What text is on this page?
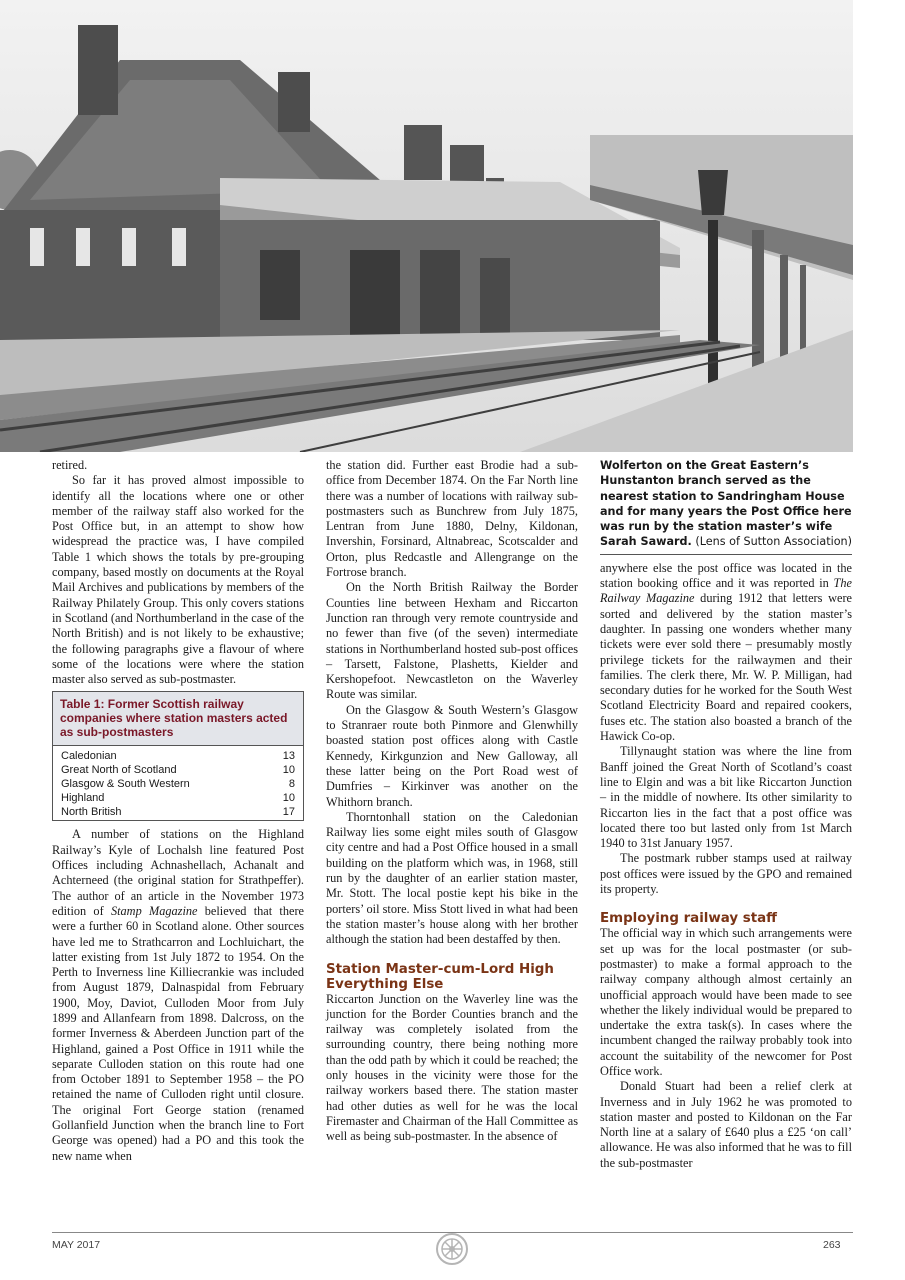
retired.

So far it has proved almost impossible to identify all the locations where one or other member of the railway staff also worked for the Post Office but, in an attempt to show how widespread the practice was, I have compiled Table 1 which shows the totals by pre-grouping company, based mostly on documents at the Royal Mail Archives and publications by members of the Railway Philately Group. This only covers stations in Scotland (and Northumberland in the case of the North British) and is not likely to be exhaustive; the following paragraphs give a flavour of where some of the locations were where the station master also served as sub-postmaster.

Table 1: Former Scottish railway companies where station masters acted as sub-postmasters
Caledonian	13
Great North of Scotland	10
Glasgow & South Western	8
Highland	10
North British	17

A number of stations on the Highland Railway’s Kyle of Lochalsh line featured Post Offices including Achnashellach, Achanalt and Achterneed (the original station for Strathpeffer). The author of an article in the November 1973 edition of Stamp Magazine believed that there were a further 60 in Scotland alone. Other sources have led me to Strathcarron and Lochluichart, the latter existing from 1st July 1872 to 1954. On the Perth to Inverness line Killiecrankie was included from August 1879, Dalnaspidal from February 1900, Moy, Daviot, Culloden Moor from July 1899 and Allanfearn from 1898. Dalcross, on the former Inverness & Aberdeen Junction part of the Highland, gained a Post Office in 1911 while the separate Culloden station on this route had one from October 1891 to September 1958 – the PO retained the name of Culloden right until closure. The original Fort George station (renamed Gollanfield Junction when the branch line to Fort George was opened) had a PO and this took the new name when

the station did. Further east Brodie had a sub-office from December 1874. On the Far North line there was a number of locations with railway sub-postmasters such as Bunchrew from July 1875, Lentran from June 1880, Delny, Kildonan, Invershin, Forsinard, Altnabreac, Scotscalder and Orton, plus Redcastle and Allengrange on the Fortrose branch.

On the North British Railway the Border Counties line between Hexham and Riccarton Junction ran through very remote countryside and no fewer than five (of the seven) intermediate stations in Northumberland hosted sub-post offices – Tarsett, Falstone, Plashetts, Kielder and Kershopefoot. Newcastleton on the Waverley Route was similar.

On the Glasgow & South Western’s Glasgow to Stranraer route both Pinmore and Glenwhilly boasted station post offices along with Castle Kennedy, Kirkgunzion and New Galloway, all these latter being on the Port Road west of Dumfries – Kirkinver was another on the Whithorn branch.

Thorntonhall station on the Caledonian Railway lies some eight miles south of Glasgow city centre and had a Post Office housed in a small building on the platform which was, in 1968, still run by the daughter of an earlier station master, Mr. Stott. The local postie kept his bike in the porters’ oil store. Miss Stott lived in what had been the station master’s house along with her brother although the station had been destaffed by then.

Station Master-cum-Lord High Everything Else

Riccarton Junction on the Waverley line was the junction for the Border Counties branch and the railway was completely isolated from the surrounding country, there being nothing more than the odd path by which it could be reached; the only houses in the vicinity were those for the railway workers based there. The station master had other duties as well for he was the local Firemaster and Chairman of the Hall Committee as well as being sub-postmaster. In the absence of

Wolferton on the Great Eastern’s Hunstanton branch served as the nearest station to Sandringham House and for many years the Post Office here was run by the station master’s wife Sarah Saward. (Lens of Sutton Association)

anywhere else the post office was located in the station booking office and it was reported in The Railway Magazine during 1912 that letters were sorted and delivered by the station master’s daughter. In passing one wonders whether many tickets were ever sold there – presumably mostly privilege tickets for the railwaymen and their families. The clerk there, Mr. W. P. Milligan, had secondary duties for he worked for the South West Scotland Electricity Board and repaired cookers, fuses etc. The station also boasted a branch of the Hawick Co-op.

Tillynaught station was where the line from Banff joined the Great North of Scotland’s coast line to Elgin and was a bit like Riccarton Junction – in the middle of nowhere. Its other similarity to Riccarton lies in the fact that a post office was located there too but lasted only from 1st March 1940 to 31st January 1957.

The postmark rubber stamps used at railway post offices were issued by the GPO and remained its property.

Employing railway staff

The official way in which such arrangements were set up was for the local postmaster (or sub-postmaster) to make a formal approach to the railway company although almost certainly an unofficial approach would have been made to see whether the likely individual would be prepared to undertake the extra task(s). In cases where the incumbent changed the railway probably took into account the suitability of the newcomer for Post Office work.

Donald Stuart had been a relief clerk at Inverness and in July 1962 he was promoted to station master and posted to Kildonan on the Far North line at a salary of £640 plus a £25 ‘on call’ allowance. He was also informed that he was to fill the sub-postmaster

MAY 2017	263
